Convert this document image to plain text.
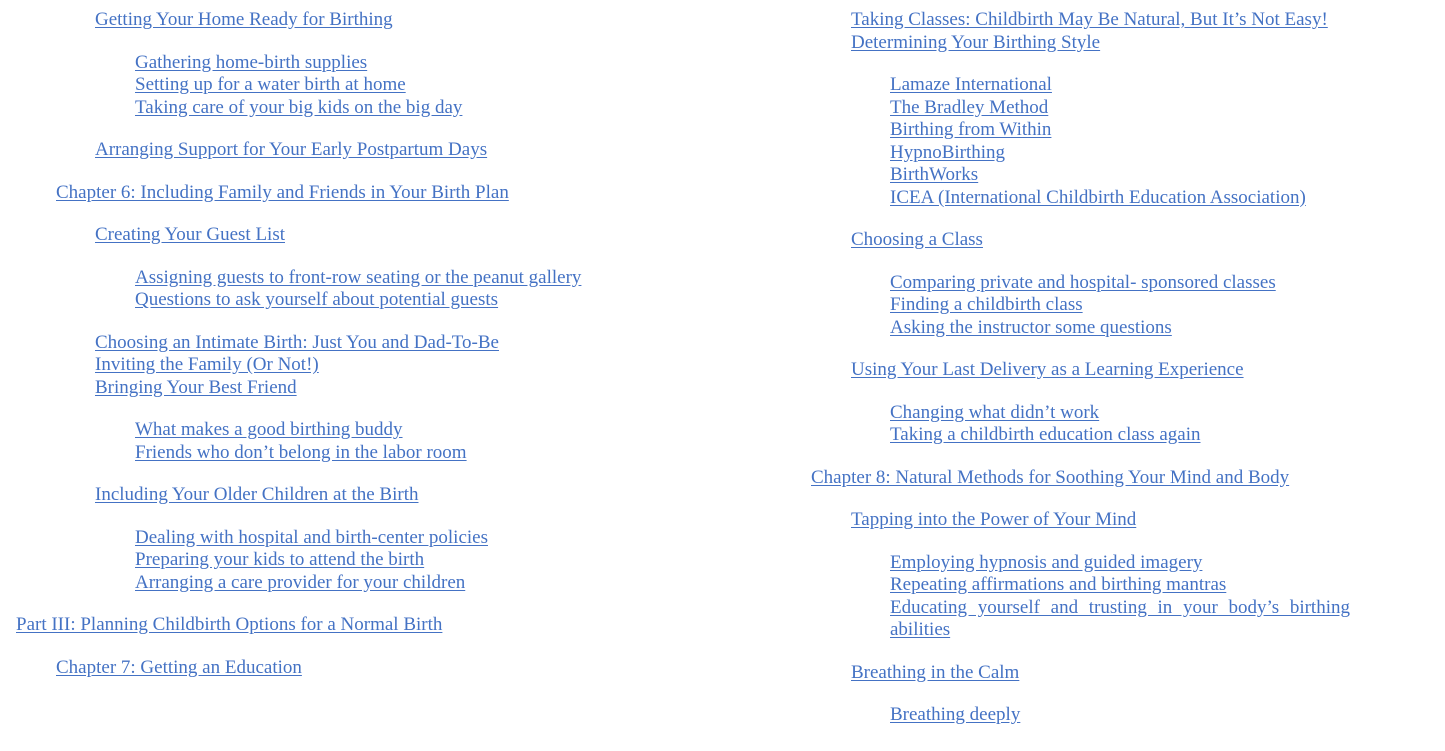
Getting Your Home Ready for Birthing
Gathering home-birth supplies
Setting up for a water birth at home
Taking care of your big kids on the big day
Arranging Support for Your Early Postpartum Days
Chapter 6: Including Family and Friends in Your Birth Plan
Creating Your Guest List
Assigning guests to front-row seating or the peanut gallery
Questions to ask yourself about potential guests
Choosing an Intimate Birth: Just You and Dad-To-Be
Inviting the Family (Or Not!)
Bringing Your Best Friend
What makes a good birthing buddy
Friends who don’t belong in the labor room
Including Your Older Children at the Birth
Dealing with hospital and birth-center policies
Preparing your kids to attend the birth
Arranging a care provider for your children
Part III: Planning Childbirth Options for a Normal Birth
Chapter 7: Getting an Education
Taking Classes: Childbirth May Be Natural, But It’s Not Easy!
Determining Your Birthing Style
Lamaze International
The Bradley Method
Birthing from Within
HypnoBirthing
BirthWorks
ICEA (International Childbirth Education Association)
Choosing a Class
Comparing private and hospital- sponsored classes
Finding a childbirth class
Asking the instructor some questions
Using Your Last Delivery as a Learning Experience
Changing what didn’t work
Taking a childbirth education class again
Chapter 8: Natural Methods for Soothing Your Mind and Body
Tapping into the Power of Your Mind
Employing hypnosis and guided imagery
Repeating affirmations and birthing mantras
Educating yourself and trusting in your body’s birthing abilities
Breathing in the Calm
Breathing deeply
